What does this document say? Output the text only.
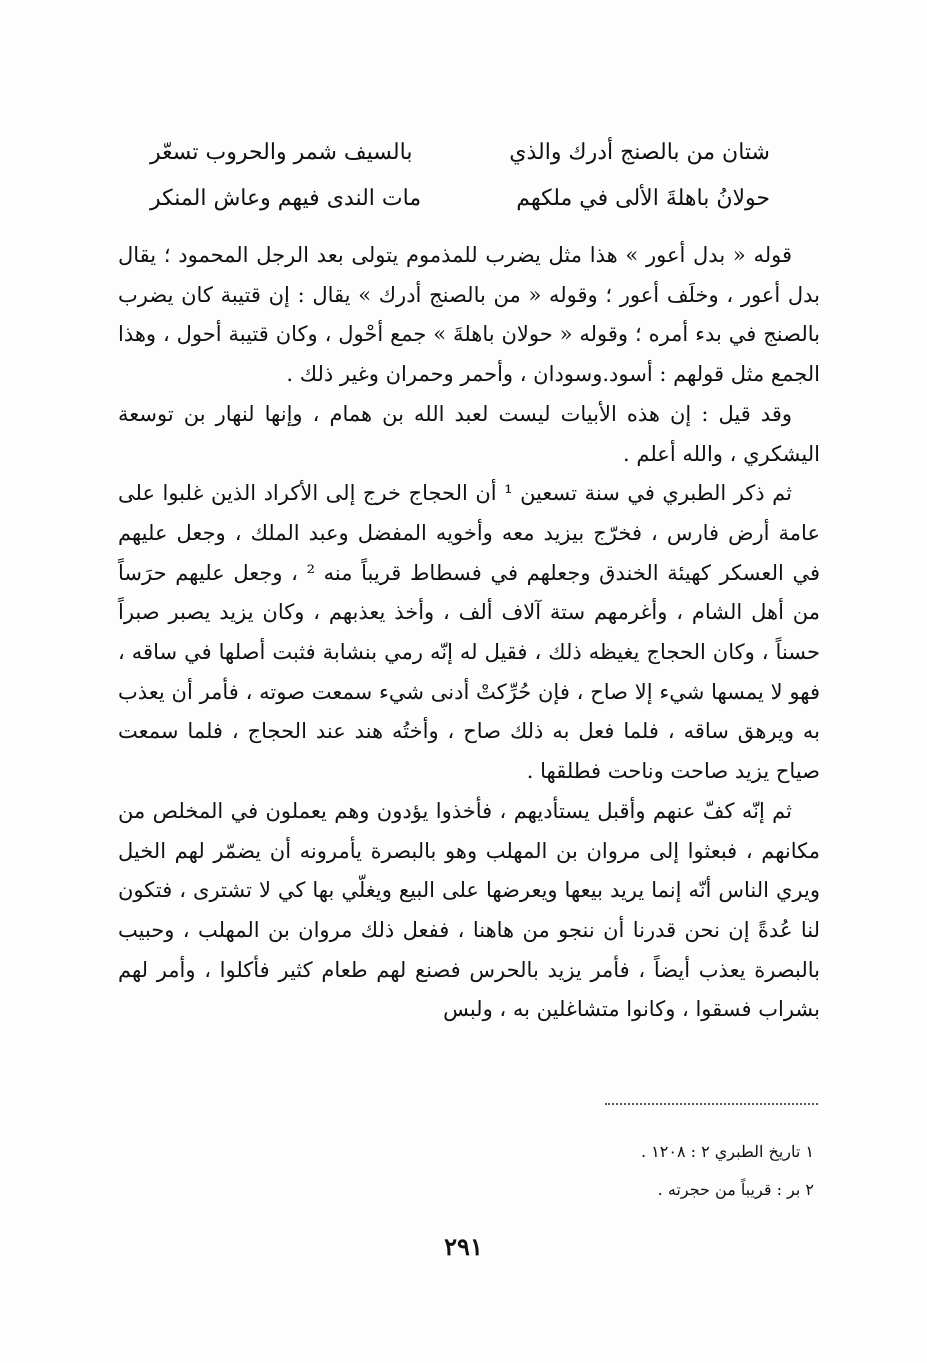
شتان من بالصنج أدرك والذي
بالسيف شمر والحروب تسعّر
حولانُ باهلةَ الألى في ملكهم
مات الندى فيهم وعاش المنكر

قوله « بدل أعور » هذا مثل يضرب للمذموم يتولى بعد الرجل المحمود ؛ يقال بدل أعور ، وخلَف أعور ؛ وقوله « من بالصنج أدرك » يقال : إن قتيبة كان يضرب بالصنج في بدء أمره ؛ وقوله « حولان باهلةَ » جمع أحْول ، وكان قتيبة أحول ، وهذا الجمع مثل قولهم : أسود.وسودان ، وأحمر وحمران وغير ذلك .

وقد قيل : إن هذه الأبيات ليست لعبد الله بن همام ، وإنها لنهار بن توسعة اليشكري ، والله أعلم .

ثم ذكر الطبري في سنة تسعين ¹ أن الحجاج خرج إلى الأكراد الذين غلبوا على عامة أرض فارس ، فخرّج بيزيد معه وأخويه المفضل وعبد الملك ، وجعل عليهم في العسكر كهيئة الخندق وجعلهم في فسطاط قريباً منه ² ، وجعل عليهم حرَساً من أهل الشام ، وأغرمهم ستة آلاف ألف ، وأخذ يعذبهم ، وكان يزيد يصبر صبراً حسناً ، وكان الحجاج يغيظه ذلك ، فقيل له إنّه رمي بنشابة فثبت أصلها في ساقه ، فهو لا يمسها شيء إلا صاح ، فإن حُرِّكتْ أدنى شيء سمعت صوته ، فأمر أن يعذب به ويرهق ساقه ، فلما فعل به ذلك صاح ، وأختُه هند عند الحجاج ، فلما سمعت صياح يزيد صاحت وناحت فطلقها .

ثم إنّه كفّ عنهم وأقبل يستأديهم ، فأخذوا يؤدون وهم يعملون في المخلص من مكانهم ، فبعثوا إلى مروان بن المهلب وهو بالبصرة يأمرونه أن يضمّر لهم الخيل ويري الناس أنّه إنما يريد بيعها ويعرضها على البيع ويغلّي بها كي لا تشترى ، فتكون لنا عُدةً إن نحن قدرنا أن ننجو من هاهنا ، ففعل ذلك مروان بن المهلب ، وحبيب بالبصرة يعذب أيضاً ، فأمر يزيد بالحرس فصنع لهم طعام كثير فأكلوا ، وأمر لهم بشراب فسقوا ، وكانوا متشاغلين به ، ولبس

١ تاريخ الطبري ٢ : ١٢٠٨ .
٢ بر : قريباً من حجرته .
٢٩١
